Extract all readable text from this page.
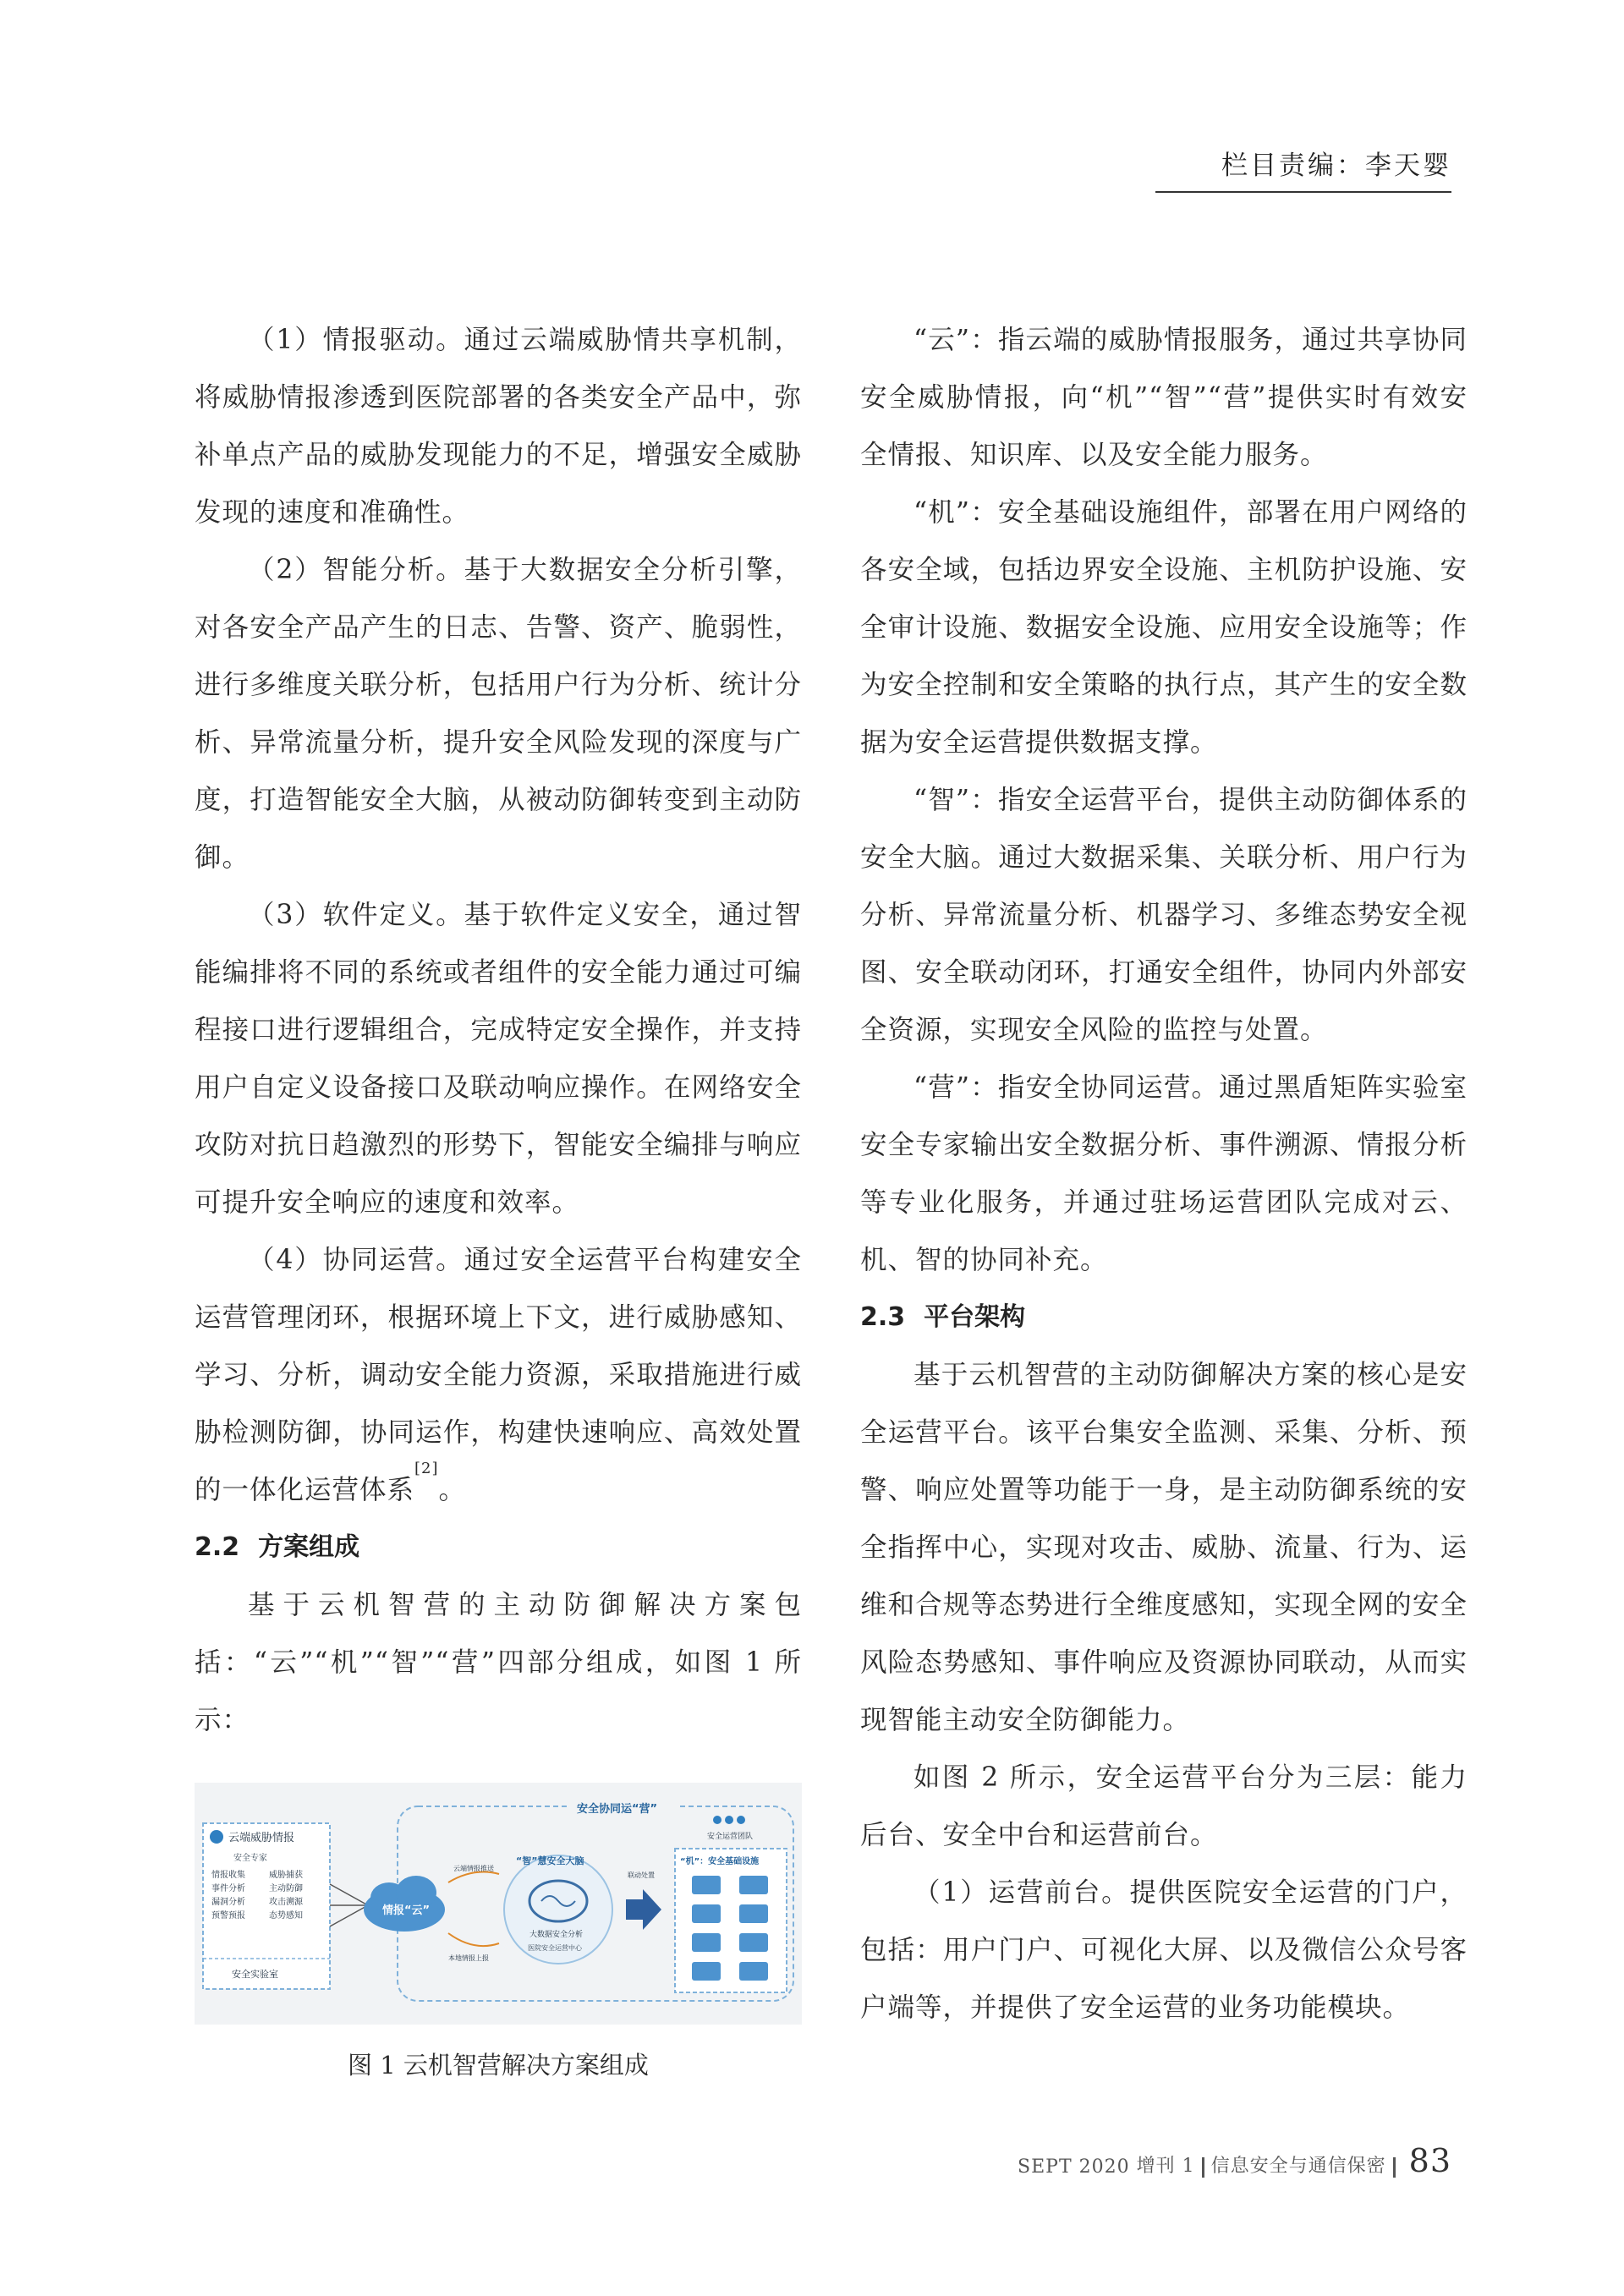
栏目责编：李天婴

（1）情报驱动。通过云端威胁情共享机制，将威胁情报渗透到医院部署的各类安全产品中，弥补单点产品的威胁发现能力的不足，增强安全威胁发现的速度和准确性。

（2）智能分析。基于大数据安全分析引擎，对各安全产品产生的日志、告警、资产、脆弱性，进行多维度关联分析，包括用户行为分析、统计分析、异常流量分析，提升安全风险发现的深度与广度，打造智能安全大脑，从被动防御转变到主动防御。

（3）软件定义。基于软件定义安全，通过智能编排将不同的系统或者组件的安全能力通过可编程接口进行逻辑组合，完成特定安全操作，并支持用户自定义设备接口及联动响应操作。在网络安全攻防对抗日趋激烈的形势下，智能安全编排与响应可提升安全响应的速度和效率。

（4）协同运营。通过安全运营平台构建安全运营管理闭环，根据环境上下文，进行威胁感知、学习、分析，调动安全能力资源，采取措施进行威胁检测防御，协同运作，构建快速响应、高效处置的一体化运营体系[2]。

2.2 方案组成

基于云机智营的主动防御解决方案包括：“云”“机”“智”“营”四部分组成，如图 1 所示：

云端威胁情报
安全专家
情报收集
事件分析
漏洞分析
预警预报
威胁捕获
主动防御
攻击溯源
态势感知
安全实验室
安全协同运“营”
安全运营团队
情报“云”
云端情报推送
本地情报上报
“智”慧安全大脑
大数据安全分析
医院安全运营中心
联动处置
“机”：安全基础设施
图 1 云机智营解决方案组成

“云”：指云端的威胁情报服务，通过共享协同安全威胁情报，向“机”“智”“营”提供实时有效安全情报、知识库、以及安全能力服务。

“机”：安全基础设施组件，部署在用户网络的各安全域，包括边界安全设施、主机防护设施、安全审计设施、数据安全设施、应用安全设施等；作为安全控制和安全策略的执行点，其产生的安全数据为安全运营提供数据支撑。

“智”：指安全运营平台，提供主动防御体系的安全大脑。通过大数据采集、关联分析、用户行为分析、异常流量分析、机器学习、多维态势安全视图、安全联动闭环，打通安全组件，协同内外部安全资源，实现安全风险的监控与处置。

“营”：指安全协同运营。通过黑盾矩阵实验室安全专家输出安全数据分析、事件溯源、情报分析等专业化服务，并通过驻场运营团队完成对云、机、智的协同补充。

2.3 平台架构

基于云机智营的主动防御解决方案的核心是安全运营平台。该平台集安全监测、采集、分析、预警、响应处置等功能于一身，是主动防御系统的安全指挥中心，实现对攻击、威胁、流量、行为、运维和合规等态势进行全维度感知，实现全网的安全风险态势感知、事件响应及资源协同联动，从而实现智能主动安全防御能力。

如图 2 所示，安全运营平台分为三层：能力后台、安全中台和运营前台。

（1）运营前台。提供医院安全运营的门户，包括：用户门户、可视化大屏、以及微信公众号客户端等，并提供了安全运营的业务功能模块。

SEPT 2020 增刊 1 信息安全与通信保密 83
